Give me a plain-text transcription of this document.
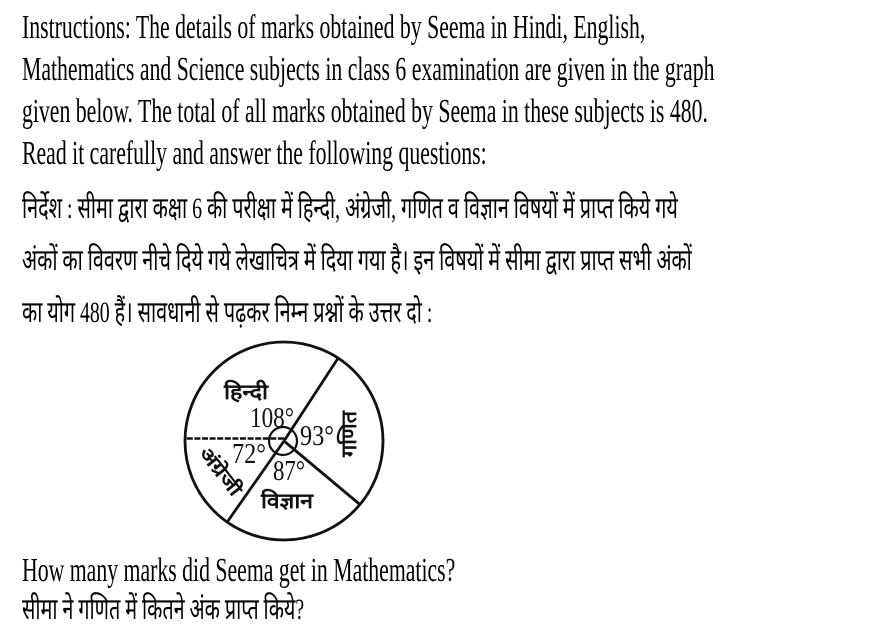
Instructions: The details of marks obtained by Seema in Hindi, English,
Mathematics and Science subjects in class 6 examination are given in the graph
given below. The total of all marks obtained by Seema in these subjects is 480.
Read it carefully and answer the following questions:
निर्देश : सीमा द्वारा कक्षा 6 की परीक्षा में हिन्दी, अंग्रेजी, गणित व विज्ञान विषयों में प्राप्त किये गये
अंकों का विवरण नीचे दिये गये लेखाचित्र में दिया गया है। इन विषयों में सीमा द्वारा प्राप्त सभी अंकों
का योग 480 हैं। सावधानी से पढ़कर निम्न प्रश्नों के उत्तर दो :
हिन्दी
108°
93° गणित
87°
विज्ञान
72°
अंग्रेजी
How many marks did Seema get in Mathematics?
सीमा ने गणित में कितने अंक प्राप्त किये?
